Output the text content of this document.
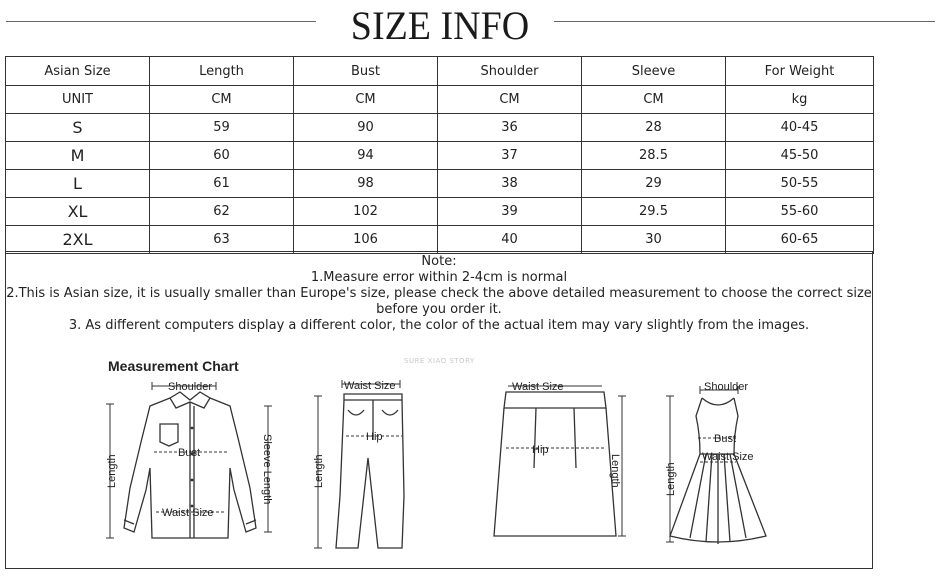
SIZE INFO
Asian Size	Length	Bust	Shoulder	Sleeve	For Weight
UNIT	CM	CM	CM	CM	kg
S	59	90	36	28	40-45
M	60	94	37	28.5	45-50
L	61	98	38	29	50-55
XL	62	102	39	29.5	55-60
2XL	63	106	40	30	60-65
Note:
1.Measure error within 2-4cm is normal
2.This is Asian size, it is usually smaller than Europe's size, please check the above detailed measurement to choose the correct size before you order it.
3. As different computers display a different color, the color of the actual item may vary slightly from the images.
Measurement Chart	SURE XIAO STORY
Shoulder
Bust
Waist Size
Length	Sleeve Length
Waist Size
Hip
Length
Waist Size
Hip
Length
Shoulder
Bust
Waist Size
Length
